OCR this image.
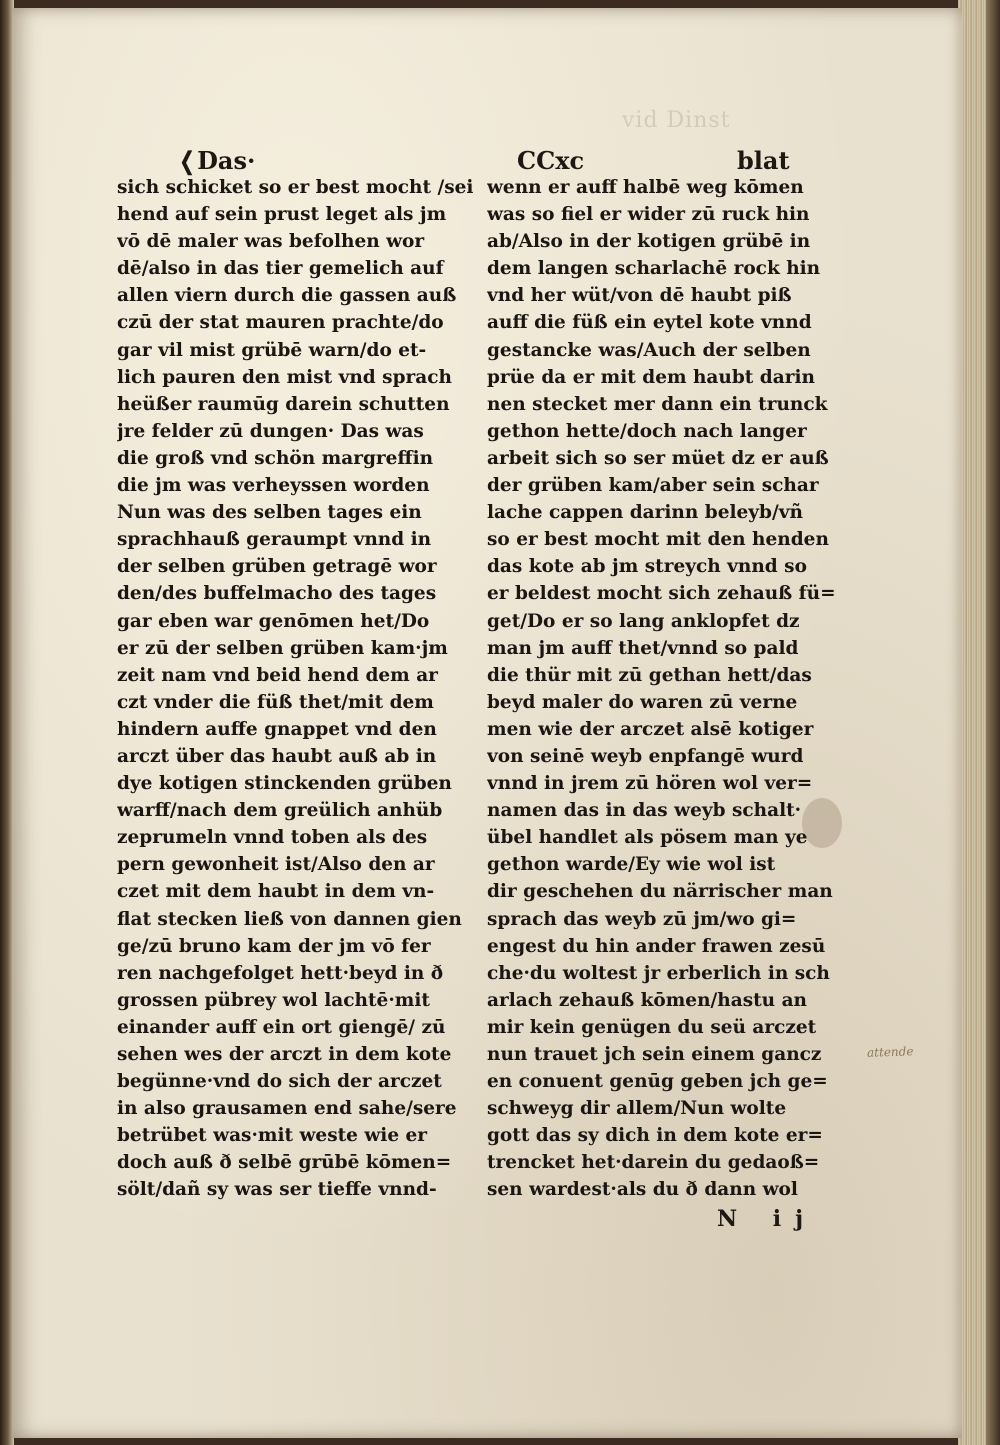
vid Dinst
❬Das·	CCxc	blat
sich schicket so er best mocht /sei
hend auf sein prust leget als jm
vō dē maler was befolhen wor
dē/also in das tier gemelich auf
allen viern durch die gassen auß
czū der stat mauren prachte/do
gar vil mist grübē warn/do et-
lich pauren den mist vnd sprach
heüßer raumūg darein schutten
jre felder zū dungen· Das was
die groß vnd schön margreffin
die jm was verheyssen worden
Nun was des selben tages ein
sprachhauß geraumpt vnnd in
der selben grüben getragē wor
den/des buffelmacho des tages
gar eben war genōmen het/Do
er zū der selben grüben kam·jm
zeit nam vnd beid hend dem ar
czt vnder die füß thet/mit dem
hindern auffe gnappet vnd den
arczt über das haubt auß ab in
dye kotigen stinckenden grüben
warff/nach dem greülich anhüb
zeprumeln vnnd toben als des
pern gewonheit ist/Also den ar
czet mit dem haubt in dem vn-
flat stecken ließ von dannen gien
ge/zū bruno kam der jm vō fer
ren nachgefolget hett·beyd in ð
grossen pübrey wol lachtē·mit
einander auff ein ort giengē/ zū
sehen wes der arczt in dem kote
begünne·vnd do sich der arczet
in also grausamen end sahe/sere
betrübet was·mit weste wie er
doch auß ð selbē grūbē kōmen=
sölt/dañ sy was ser tieffe vnnd-
wenn er auff halbē weg kōmen
was so fiel er wider zū ruck hin
ab/Also in der kotigen grübē in
dem langen scharlachē rock hin
vnd her wüt/von dē haubt piß
auff die füß ein eytel kote vnnd
gestancke was/Auch der selben
prüe da er mit dem haubt darin
nen stecket mer dann ein trunck
gethon hette/doch nach langer
arbeit sich so ser müet dz er auß
der grüben kam/aber sein schar
lache cappen darinn beleyb/vñ
so er best mocht mit den henden
das kote ab jm streych vnnd so
er beldest mocht sich zehauß fü=
get/Do er so lang anklopfet dz
man jm auff thet/vnnd so pald
die thür mit zū gethan hett/das
beyd maler do waren zū verne
men wie der arczet alsē kotiger
von seinē weyb enpfangē wurd
vnnd in jrem zū hören wol ver=
namen das in das weyb schalt·
übel handlet als pösem man ye
gethon warde/Ey wie wol ist
dir geschehen du närrischer man
sprach das weyb zū jm/wo gi=
engest du hin ander frawen zesū
che·du woltest jr erberlich in sch
arlach zehauß kōmen/hastu an
mir kein genügen du seü arczet
nun trauet jch sein einem gancz
en conuent genūg geben jch ge=
schweyg dir allem/Nun wolte
gott das sy dich in dem kote er=
trencket het·darein du gedaoß=
sen wardest·als du ð dann wol
N ij
attende
